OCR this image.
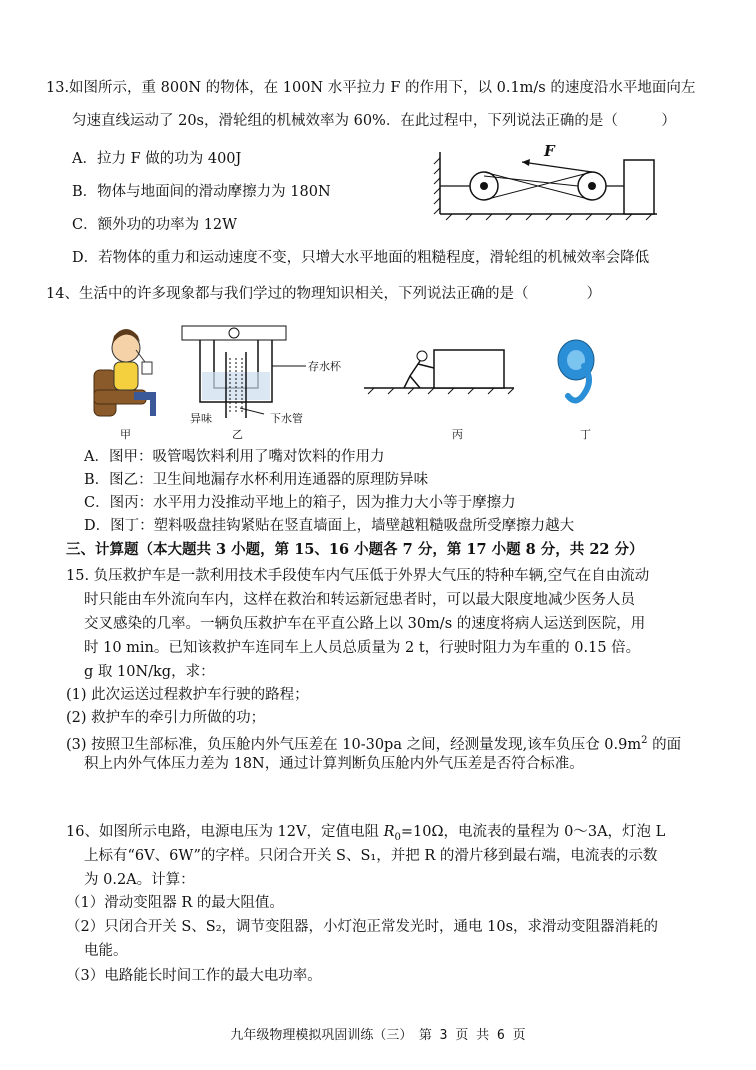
13.如图所示，重 800N 的物体，在 100N 水平拉力 F 的作用下，以 0.1m/s 的速度沿水平地面向左
匀速直线运动了 20s，滑轮组的机械效率为 60%．在此过程中，下列说法正确的是（　　　）
A．拉力 F 做的功为 400J
B．物体与地面间的滑动摩擦力为 180N
C．额外功的功率为 12W
D．若物体的重力和运动速度不变，只增大水平地面的粗糙程度，滑轮组的机械效率会降低
F
14、生活中的许多现象都与我们学过的物理知识相关，下列说法正确的是（　　　　）
甲
存水杯
异味	下水管
乙	丙	丁
A．图甲：吸管喝饮料利用了嘴对饮料的作用力
B．图乙：卫生间地漏存水杯利用连通器的原理防异味
C．图丙：水平用力没推动平地上的箱子，因为推力大小等于摩擦力
D．图丁：塑料吸盘挂钩紧贴在竖直墙面上，墙壁越粗糙吸盘所受摩擦力越大
三、计算题（本大题共 3 小题，第 15、16 小题各 7 分，第 17 小题 8 分，共 22 分）
15. 负压救护车是一款利用技术手段使车内气压低于外界大气压的特种车辆,空气在自由流动
时只能由车外流向车内，这样在救治和转运新冠患者时，可以最大限度地减少医务人员
交叉感染的几率。一辆负压救护车在平直公路上以 30m/s 的速度将病人运送到医院，用
时 10 min。已知该救护车连同车上人员总质量为 2 t，行驶时阻力为车重的 0.15 倍。
g 取 10N/kg，求：
(1) 此次运送过程救护车行驶的路程；
(2) 救护车的牵引力所做的功；
(3) 按照卫生部标准，负压舱内外气压差在 10-30pa 之间，经测量发现,该车负压仓 $0.9m^2$ 的面
积上内外气体压力差为 18N，通过计算判断负压舱内外气压差是否符合标准。
16、如图所示电路，电源电压为 12V，定值电阻 $R_0=10\Omega$，电流表的量程为 0～3A，灯泡 L
上标有“6V、6W”的字样。只闭合开关 S、S₁，并把 R 的滑片移到最右端，电流表的示数
为 0.2A。计算：
（1）滑动变阻器 R 的最大阻值。
（2）只闭合开关 S、S₂，调节变阻器，小灯泡正常发光时，通电 10s，求滑动变阻器消耗的
电能。
（3）电路能长时间工作的最大电功率。
九年级物理模拟巩固训练（三）　第 3 页 共 6 页
